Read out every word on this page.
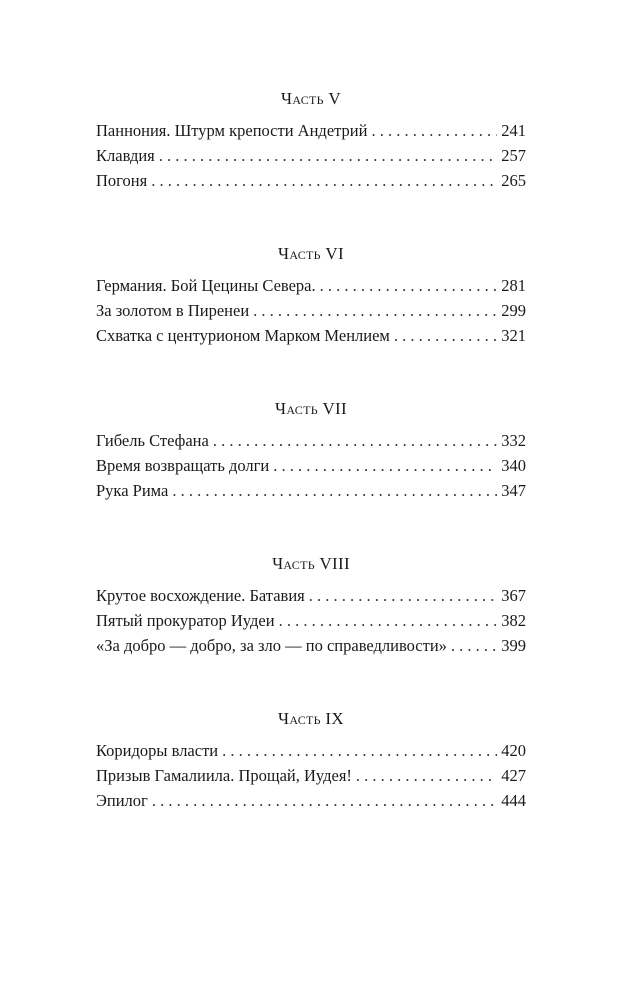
Часть V
Паннония. Штурм крепости Андетрий . . .	241
Клавдия . . .	257
Погоня . . .	265
Часть VI
Германия. Бой Цецины Севера. . . .	281
За золотом в Пиренеи . . .	299
Схватка с центурионом Марком Менлием . . .	321
Часть VII
Гибель Стефана . . .	332
Время возвращать долги . . .	340
Рука Рима . . .	347
Часть VIII
Крутое восхождение. Батавия . . .	367
Пятый прокуратор Иудеи . . .	382
«За добро — добро, за зло — по справедливости» . . .	399
Часть IX
Коридоры власти . . .	420
Призыв Гамалиила. Прощай, Иудея! . . .	427
Эпилог . . .	444
